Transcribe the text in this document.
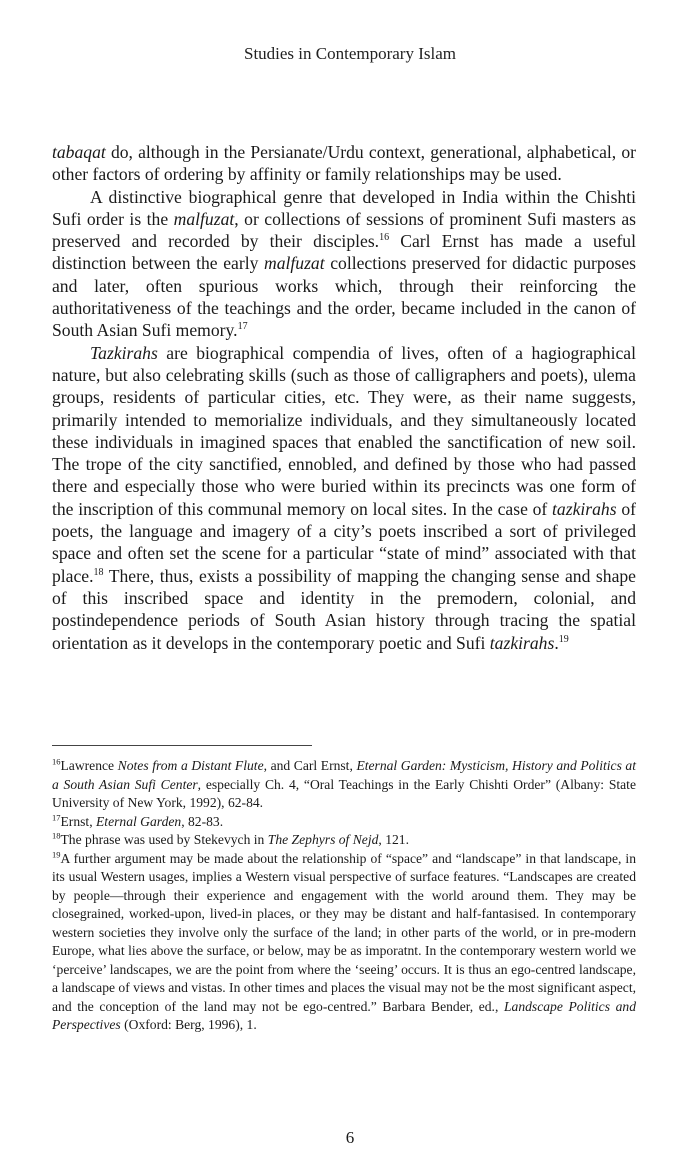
Studies in Contemporary Islam

tabaqat do, although in the Persianate/Urdu context, generational, alphabetical, or other factors of ordering by affinity or family relationships may be used.

A distinctive biographical genre that developed in India within the Chishti Sufi order is the malfuzat, or collections of sessions of prominent Sufi masters as preserved and recorded by their disciples.$^{16}$ Carl Ernst has made a useful distinction between the early malfuzat collections preserved for didactic purposes and later, often spurious works which, through their reinforcing the authoritativeness of the teachings and the order, became included in the canon of South Asian Sufi memory.$^{17}$

Tazkirahs are biographical compendia of lives, often of a hagiographical nature, but also celebrating skills (such as those of calligraphers and poets), ulema groups, residents of particular cities, etc. They were, as their name suggests, primarily intended to memorialize individuals, and they simultaneously located these individuals in imagined spaces that enabled the sanctification of new soil. The trope of the city sanctified, ennobled, and defined by those who had passed there and especially those who were buried within its precincts was one form of the inscription of this communal memory on local sites. In the case of tazkirahs of poets, the language and imagery of a city’s poets inscribed a sort of privileged space and often set the scene for a particular “state of mind” associated with that place.$^{18}$ There, thus, exists a possibility of mapping the changing sense and shape of this inscribed space and identity in the premodern, colonial, and postindependence periods of South Asian history through tracing the spatial orientation as it develops in the contemporary poetic and Sufi tazkirahs.$^{19}$

$^{16}$Lawrence Notes from a Distant Flute, and Carl Ernst, Eternal Garden: Mysticism, History and Politics at a South Asian Sufi Center, especially Ch. 4, “Oral Teachings in the Early Chishti Order” (Albany: State University of New York, 1992), 62-84.

$^{17}$Ernst, Eternal Garden, 82-83.

$^{18}$The phrase was used by Stekevych in The Zephyrs of Nejd, 121.

$^{19}$A further argument may be made about the relationship of “space” and “landscape” in that landscape, in its usual Western usages, implies a Western visual perspective of surface features. “Landscapes are created by people—through their experience and engagement with the world around them. They may be closegrained, worked-upon, lived-in places, or they may be distant and half-fantasised. In contemporary western societies they involve only the surface of the land; in other parts of the world, or in pre-modern Europe, what lies above the surface, or below, may be as imporatnt. In the contemporary western world we ‘perceive’ landscapes, we are the point from where the ‘seeing’ occurs. It is thus an ego-centred landscape, a landscape of views and vistas. In other times and places the visual may not be the most significant aspect, and the conception of the land may not be ego-centred.” Barbara Bender, ed., Landscape Politics and Perspectives (Oxford: Berg, 1996), 1.

6
